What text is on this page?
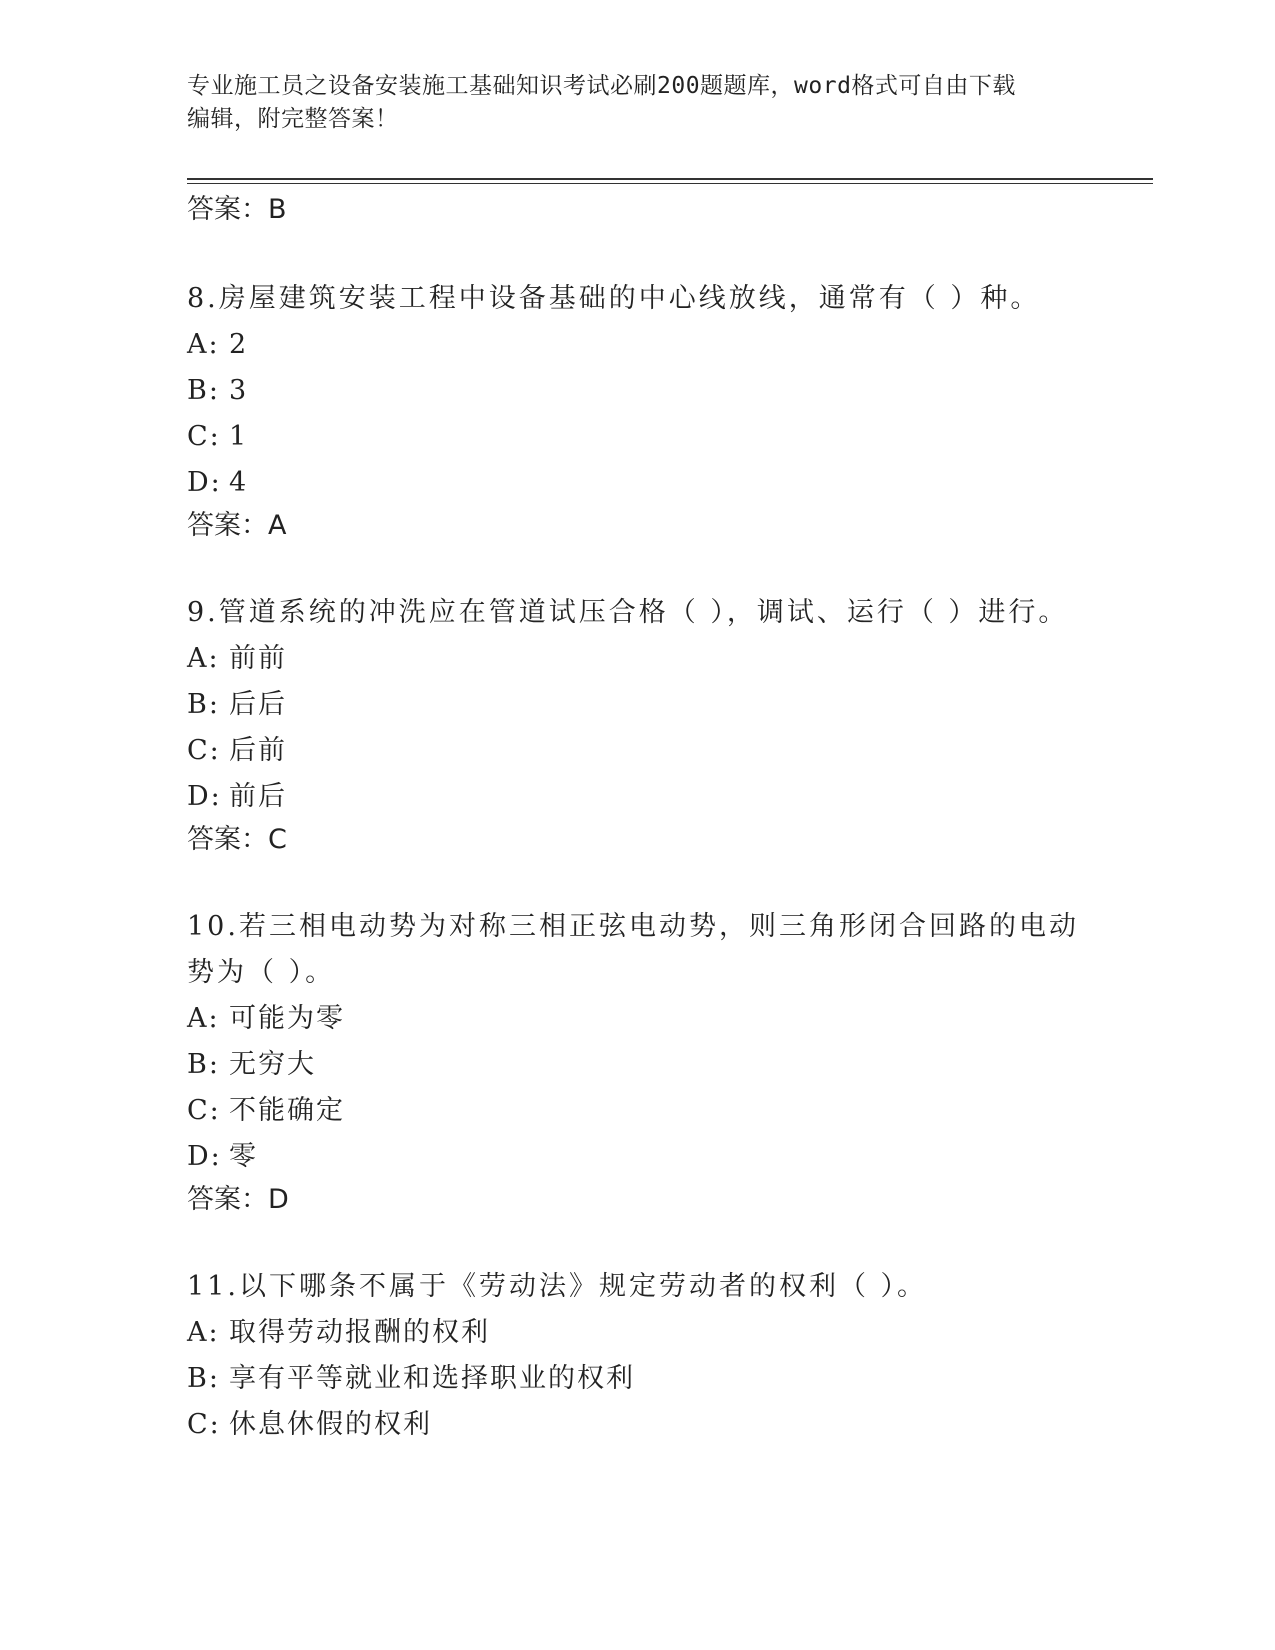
专业施工员之设备安装施工基础知识考试必刷200题题库，word格式可自由下载
编辑，附完整答案！

答案：B

8.房屋建筑安装工程中设备基础的中心线放线，通常有（ ）种。

A: 2

B: 3

C: 1

D: 4

答案：A

9.管道系统的冲洗应在管道试压合格（ ），调试、运行（ ）进行。

A: 前前

B: 后后

C: 后前

D: 前后

答案：C

10.若三相电动势为对称三相正弦电动势，则三角形闭合回路的电动势为（ ）。

A: 可能为零

B: 无穷大

C: 不能确定

D: 零

答案：D

11.以下哪条不属于《劳动法》规定劳动者的权利（ ）。

A: 取得劳动报酬的权利

B: 享有平等就业和选择职业的权利

C: 休息休假的权利
